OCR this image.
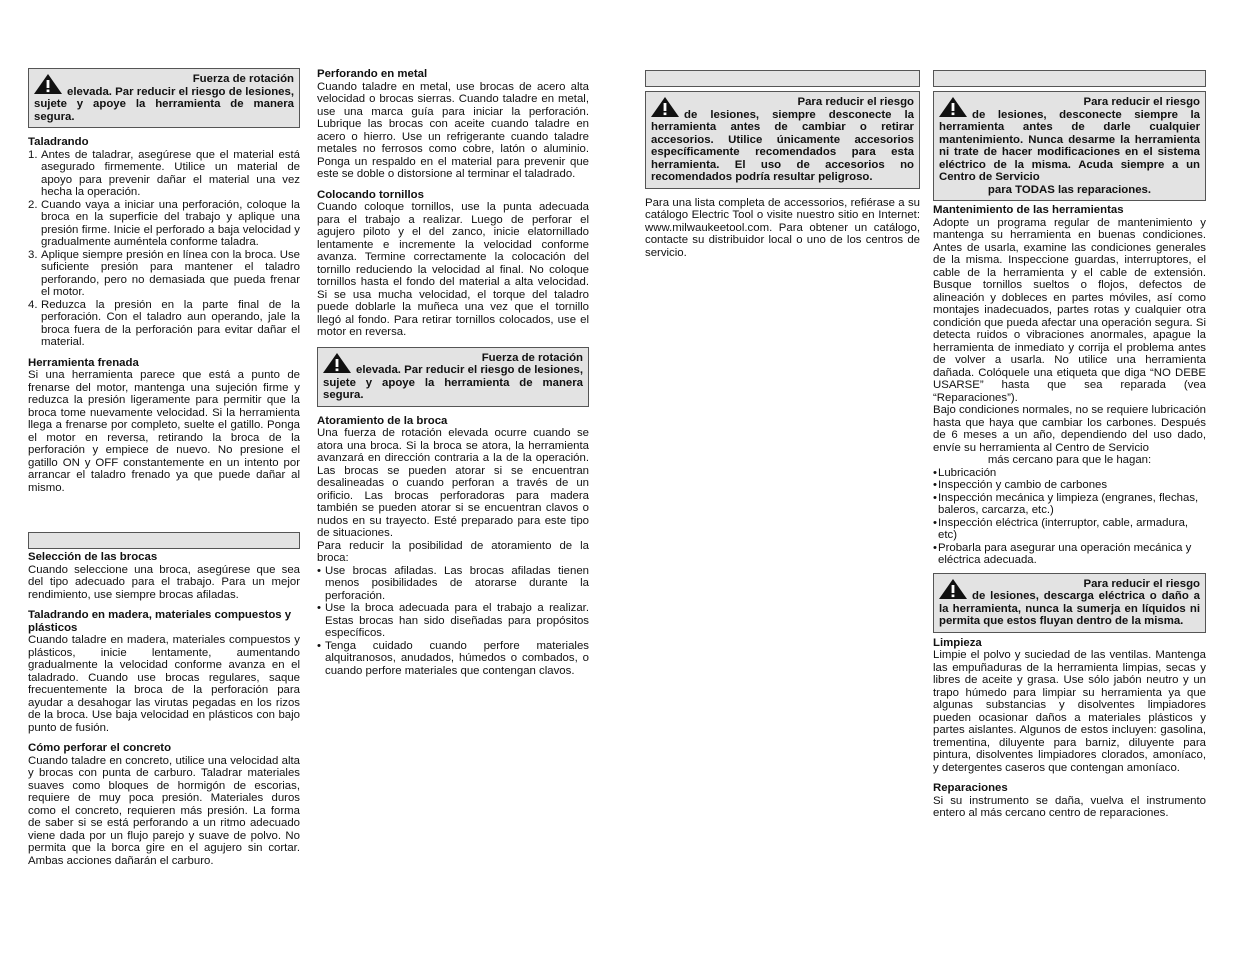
Fuerza de rotación
elevada. Par reducir el riesgo de lesiones, sujete y apoye la herramienta de manera segura.
Taladrando
1. Antes de taladrar, asegúrese que el material está asegurado firmemente. Utilice un material de apoyo para prevenir dañar el material una vez hecha la operación.
2. Cuando vaya a iniciar una perforación, coloque la broca en la superficie del trabajo y aplique una presión firme. Inicie el perforado a baja velocidad y gradualmente auméntela conforme taladra.
3. Aplique siempre presión en línea con la broca. Use suficiente presión para mantener el taladro perforando, pero no demasiada que pueda frenar el motor.
4. Reduzca la presión en la parte final de la perforación. Con el taladro aun operando, jale la broca fuera de la perforación para evitar dañar el material.
Herramienta frenada

Si una herramienta parece que está a punto de frenarse del motor, mantenga una sujeción firme y reduzca la presión ligeramente para permitir que la broca tome nuevamente velocidad. Si la herramienta llega a frenarse por completo, suelte el gatillo. Ponga el motor en reversa, retirando la broca de la perforación y empiece de nuevo. No presione el gatillo ON y OFF constantemente en un intento por arrancar el taladro frenado ya que puede dañar al mismo.

Selección de las brocas

Cuando seleccione una broca, asegúrese que sea del tipo adecuado para el trabajo. Para un mejor rendimiento, use siempre brocas afiladas.

Taladrando en madera, materiales compuestos y plásticos

Cuando taladre en madera, materiales compuestos y plásticos, inicie lentamente, aumentando gradualmente la velocidad conforme avanza en el taladrado. Cuando use brocas regulares, saque frecuentemente la broca de la perforación para ayudar a desahogar las virutas pegadas en los rizos de la broca. Use baja velocidad en plásticos con bajo punto de fusión.

Cómo perforar el concreto

Cuando taladre en concreto, utilice una velocidad alta y brocas con punta de carburo. Taladrar materiales suaves como bloques de hormigón de escorias, requiere de muy poca presión. Materiales duros como el concreto, requieren más presión. La forma de saber si se está perforando a un ritmo adecuado viene dada por un flujo parejo y suave de polvo. No permita que la borca gire en el agujero sin cortar. Ambas acciones dañarán el carburo.

Perforando en metal

Cuando taladre en metal, use brocas de acero alta velocidad o brocas sierras. Cuando taladre en metal, use una marca guía para iniciar la perforación. Lubrique las brocas con aceite cuando taladre en acero o hierro. Use un refrigerante cuando taladre metales no ferrosos como cobre, latón o aluminio. Ponga un respaldo en el material para prevenir que este se doble o distorsione al terminar el taladrado.

Colocando tornillos

Cuando coloque tornillos, use la punta adecuada para el trabajo a realizar. Luego de perforar el agujero piloto y el del zanco, inicie elatornillado lentamente e incremente la velocidad conforme avanza. Termine correctamente la colocación del tornillo reduciendo la velocidad al final. No coloque tornillos hasta el fondo del material a alta velocidad. Si se usa mucha velocidad, el torque del taladro puede doblarle la muñeca una vez que el tornillo llegó al fondo. Para retirar tornillos colocados, use el motor en reversa.

Fuerza de rotación
elevada. Par reducir el riesgo de lesiones, sujete y apoye la herramienta de manera segura.
Atoramiento de la broca

Una fuerza de rotación elevada ocurre cuando se atora una broca. Si la broca se atora, la herramienta avanzará en dirección contraria a la de la operación. Las brocas se pueden atorar si se encuentran desalineadas o cuando perforan a través de un orificio. Las brocas perforadoras para madera también se pueden atorar si se encuentran clavos o nudos en su trayecto. Esté preparado para este tipo de situaciones.

Para reducir la posibilidad de atoramiento de la broca:

• Use brocas afiladas. Las brocas afiladas tienen menos posibilidades de atorarse durante la perforación.
• Use la broca adecuada para el trabajo a realizar. Estas brocas han sido diseñadas para propósitos específicos.
• Tenga cuidado cuando perfore materiales alquitranosos, anudados, húmedos o combados, o cuando perfore materiales que contengan clavos.
Para reducir el riesgo
de lesiones, siempre desconecte la herramienta antes de cambiar o retirar accesorios. Utilice únicamente accesorios específicamente recomendados para esta herramienta. El uso de accesorios no recomendados podría resultar peligroso.

Para una lista completa de accessorios, refiérase a su catálogo Electric Tool o visite nuestro sitio en Internet: www.milwaukeetool.com. Para obtener un catálogo, contacte su distribuidor local o uno de los centros de servicio.

Para reducir el riesgo
de lesiones, desconecte siempre la herramienta antes de darle cualquier mantenimiento. Nunca desarme la herramienta ni trate de hacer modificaciones en el sistema eléctrico de la misma. Acuda siempre a un Centro de Servicio
para TODAS las reparaciones.
Mantenimiento de las herramientas

Adopte un programa regular de mantenimiento y mantenga su herramienta en buenas condiciones. Antes de usarla, examine las condiciones generales de la misma. Inspeccione guardas, interruptores, el cable de la herramienta y el cable de extensión. Busque tornillos sueltos o flojos, defectos de alineación y dobleces en partes móviles, así como montajes inadecuados, partes rotas y cualquier otra condición que pueda afectar una operación segura. Si detecta ruidos o vibraciones anormales, apague la herramienta de inmediato y corrija el problema antes de volver a usarla. No utilice una herramienta dañada. Colóquele una etiqueta que diga “NO DEBE USARSE” hasta que sea reparada (vea “Reparaciones”).

Bajo condiciones normales, no se requiere lubricación hasta que haya que cambiar los carbones. Después de 6 meses a un año, dependiendo del uso dado, envíe su herramienta al Centro de Servicio

más cercano para que le hagan:
• Lubricación
• Inspección y cambio de carbones
• Inspección mecánica y limpieza (engranes, flechas, baleros, carcarza, etc.)
• Inspección eléctrica (interruptor, cable, armadura, etc)
• Probarla para asegurar una operación mecánica y eléctrica adecuada.
Para reducir el riesgo
de lesiones, descarga eléctrica o daño a la herramienta, nunca la sumerja en líquidos ni permita que estos fluyan dentro de la misma.
Limpieza

Limpie el polvo y suciedad de las ventilas. Mantenga las empuñaduras de la herramienta limpias, secas y libres de aceite y grasa. Use sólo jabón neutro y un trapo húmedo para limpiar su herramienta ya que algunas substancias y disolventes limpiadores pueden ocasionar daños a materiales plásticos y partes aislantes. Algunos de estos incluyen: gasolina, trementina, diluyente para barniz, diluyente para pintura, disolventes limpiadores clorados, amoníaco, y detergentes caseros que contengan amoníaco.

Reparaciones

Si su instrumento se daña, vuelva el instrumento entero al más cercano centro de reparaciones.
